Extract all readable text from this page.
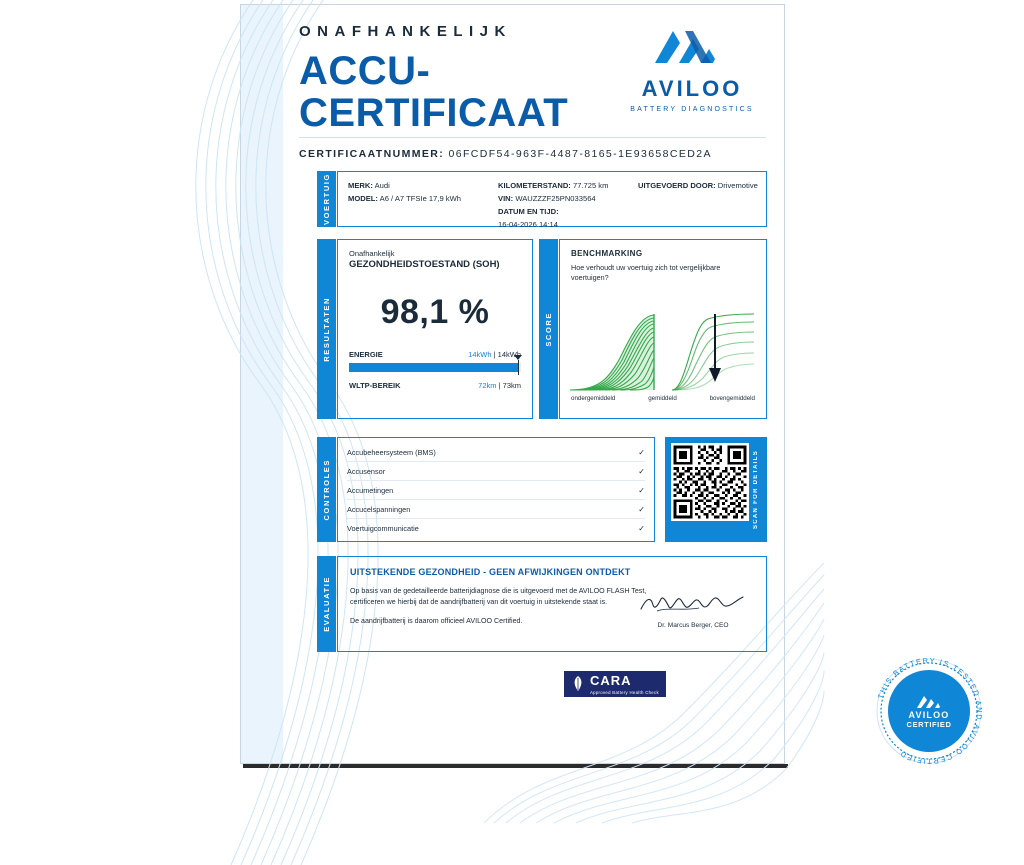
ONAFHANKELIJK
ACCU-
CERTIFICAAT
CERTIFICAATNUMMER: 06FCDF54-963F-4487-8165-1E93658CED2A
AVILOO
BATTERY DIAGNOSTICS
VOERTUIG MERK: Audi
MODEL: A6 / A7 TFSIe 17,9 kWh
KILOMETERSTAND: 77.725 km
VIN: WAUZZZF25PN033564
DATUM EN TIJD:
16-04-2026 14:14
UITGEVOERD DOOR: Drivemotive
RESULTATEN
Onafhankelijk
GEZONDHEIDSTOESTAND (SOH)
98,1 %
ENERGIE	14kWh | 14kWh
WLTP-BEREIK	72km | 73km
SCORE
BENCHMARKING
Hoe verhoudt uw voertuig zich tot vergelijkbare voertuigen?
ondergemiddeld	gemiddeld	bovengemiddeld
CONTROLES
Accubeheersysteem (BMS)	✓
Accusensor	✓
Accumetingen	✓
Accucelspanningen	✓
Voertuigcommunicatie	✓	SCAN FOR DETAILS
EVALUATIE
UITSTEKENDE GEZONDHEID - GEEN AFWIJKINGEN ONTDEKT
Op basis van de gedetailleerde batterijdiagnose die is uitgevoerd met de AVILOO FLASH Test, certificeren we hierbij dat de aandrijfbatterij van dit voertuig in uitstekende staat is.
De aandrijfbatterij is daarom officieel AVILOO Certified.
Dr. Marcus Berger, CEO
CARA
Approved Battery Health Check	THIS BATTERY IS TESTED AND AVILOO CERTIFIED
AVILOO
CERTIFIED
